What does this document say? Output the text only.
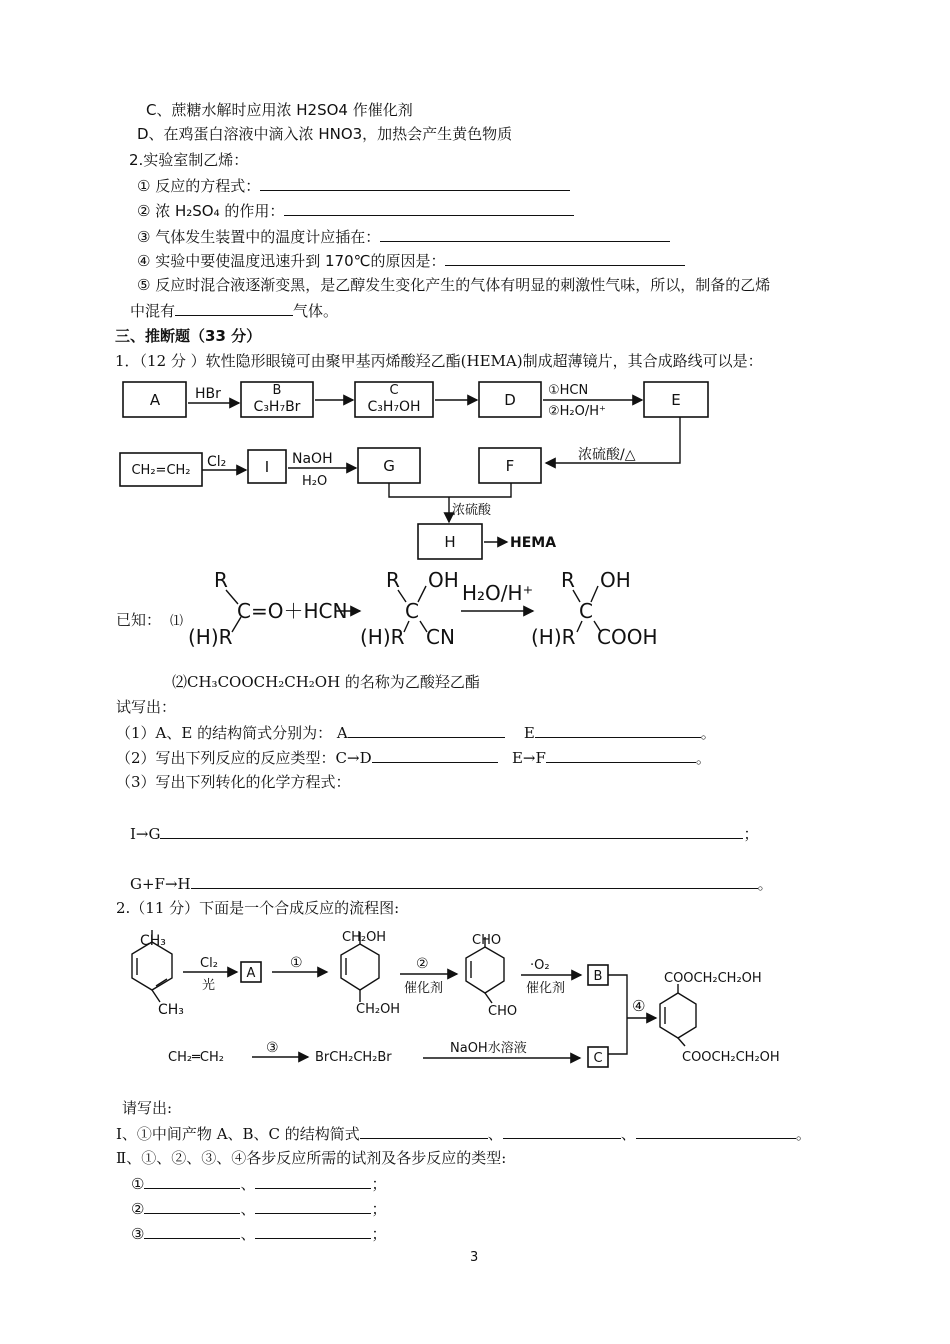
C、蔗糖水解时应用浓 H2SO4 作催化剂
D、在鸡蛋白溶液中滴入浓 HNO3，加热会产生黄色物质
2.实验室制乙烯：
① 反应的方程式：
② 浓 H₂SO₄ 的作用：
③ 气体发生装置中的温度计应插在：
④ 实验中要使温度迅速升到 170℃的原因是：
⑤ 反应时混合液逐渐变黑，是乙醇发生变化产生的气体有明显的刺激性气味，所以，制备的乙烯
中混有	气体。
三、推断题（33 分）
1．（12 分 ）软性隐形眼镜可由聚甲基丙烯酸羟乙酯(HEMA)制成超薄镜片，其合成路线可以是：
A HBr	B
C₃H₇Br
C
C₃H₇OH	D
①HCN
②H₂O/H⁺
E
浓硫酸/△
CH₂=CH₂
Cl₂	I NaOH
H₂O
G	F
浓硫酸
H	HEMA
⑴
R
(H)R
C=O＋HCN
R OH
C
(H)R CN
H₂O/H⁺
R OH
C
(H)R COOH
CH₃
CH₃
Cl₂
光
A
①
CH₂OH
CH₂OH
②
催化剂
CHO
CHO
·O₂
催化剂
B
④
COOCH₂CH₂OH
COOCH₂CH₂OH
CH₂═CH₂
③
BrCH₂CH₂Br
NaOH水溶液
C
已知：
⑵CH₃COOCH₂CH₂OH 的名称为乙酸羟乙酯
试写出：
（1）A、E 的结构简式分别为： A	E	。
（2）写出下列反应的反应类型：C→D	E→F	。
（3）写出下列转化的化学方程式：
I→G	；
G+F→H	。
2.（11 分）下面是一个合成反应的流程图:
请写出:
Ⅰ、①中间产物 A、B、C 的结构简式	、	、	。
Ⅱ、①、②、③、④各步反应所需的试剂及各步反应的类型:
①	、	；
②	、	；
③	、	；
3
